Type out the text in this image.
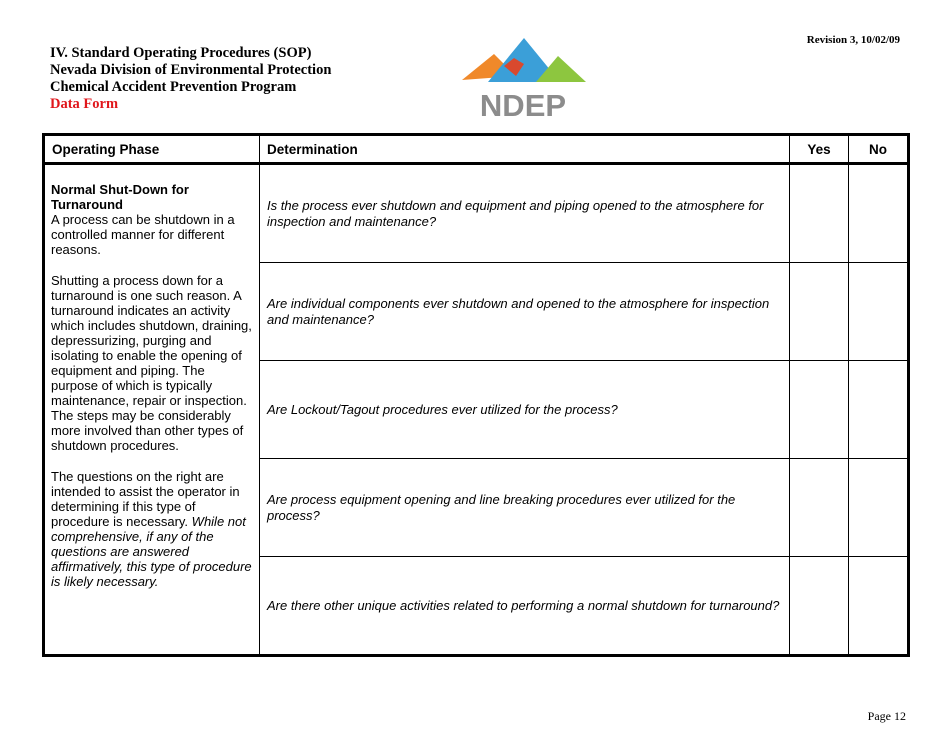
IV. Standard Operating Procedures (SOP)
Nevada Division of Environmental Protection
Chemical Accident Prevention Program
Data Form
Revision 3, 10/02/09
NDEP
Operating Phase	Determination	Yes	No

Normal Shut-Down for Turnaround
A process can be shutdown in a controlled manner for different reasons.
Shutting a process down for a turnaround is one such reason. A turnaround indicates an activity which includes shutdown, draining, depressurizing, purging and isolating to enable the opening of equipment and piping. The purpose of which is typically maintenance, repair or inspection. The steps may be considerably more involved than other types of shutdown procedures.
The questions on the right are intended to assist the operator in determining if this type of procedure is necessary. While not comprehensive, if any of the questions are answered affirmatively, this type of procedure is likely necessary.	Is the process ever shutdown and equipment and piping opened to the atmosphere for inspection and maintenance?		
	Are individual components ever shutdown and opened to the atmosphere for inspection and maintenance?		
	Are Lockout/Tagout procedures ever utilized for the process?		
	Are process equipment opening and line breaking procedures ever utilized for the process?		
	Are there other unique activities related to performing a normal shutdown for turnaround?		
Page 12
